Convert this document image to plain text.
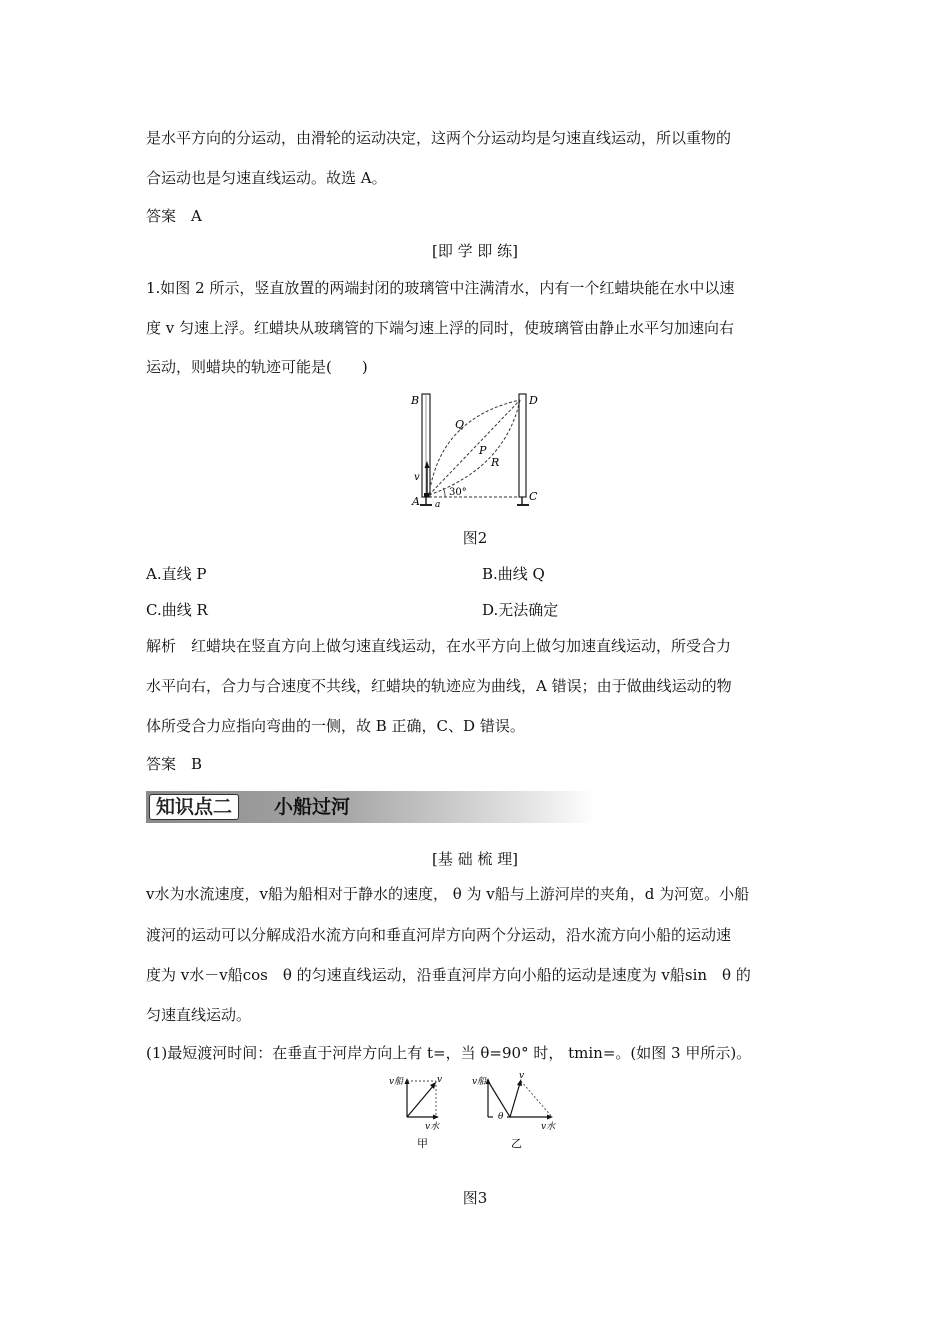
是水平方向的分运动，由滑轮的运动决定，这两个分运动均是匀速直线运动，所以重物的
合运动也是匀速直线运动。故选 A。
答案　A
[即 学 即 练]
1.如图 2 所示，竖直放置的两端封闭的玻璃管中注满清水，内有一个红蜡块能在水中以速
度 v 匀速上浮。红蜡块从玻璃管的下端匀速上浮的同时，使玻璃管由静止水平匀加速向右
运动，则蜡块的轨迹可能是(　　)
B	D
Q
P
R
v
A a
30°	C
图2
A.直线 P	B.曲线 Q
C.曲线 R	D.无法确定
解析　红蜡块在竖直方向上做匀速直线运动，在水平方向上做匀加速直线运动，所受合力
水平向右，合力与合速度不共线，红蜡块的轨迹应为曲线，A 错误；由于做曲线运动的物
体所受合力应指向弯曲的一侧，故 B 正确，C、D 错误。
答案　B
知识点二	小船过河
[基 础 梳 理]
v水为水流速度，v船为船相对于静水的速度， θ 为 v船与上游河岸的夹角，d 为河宽。小船
渡河的运动可以分解成沿水流方向和垂直河岸方向两个分运动，沿水流方向小船的运动速
度为 v水－v船cos　θ 的匀速直线运动，沿垂直河岸方向小船的运动是速度为 v船sin　θ 的
匀速直线运动。
(1)最短渡河时间：在垂直于河岸方向上有 t=，当 θ=90° 时， tmin=。(如图 3 甲所示)。
v船	v
v水
甲
v船
v
θ
v水
乙
图3
